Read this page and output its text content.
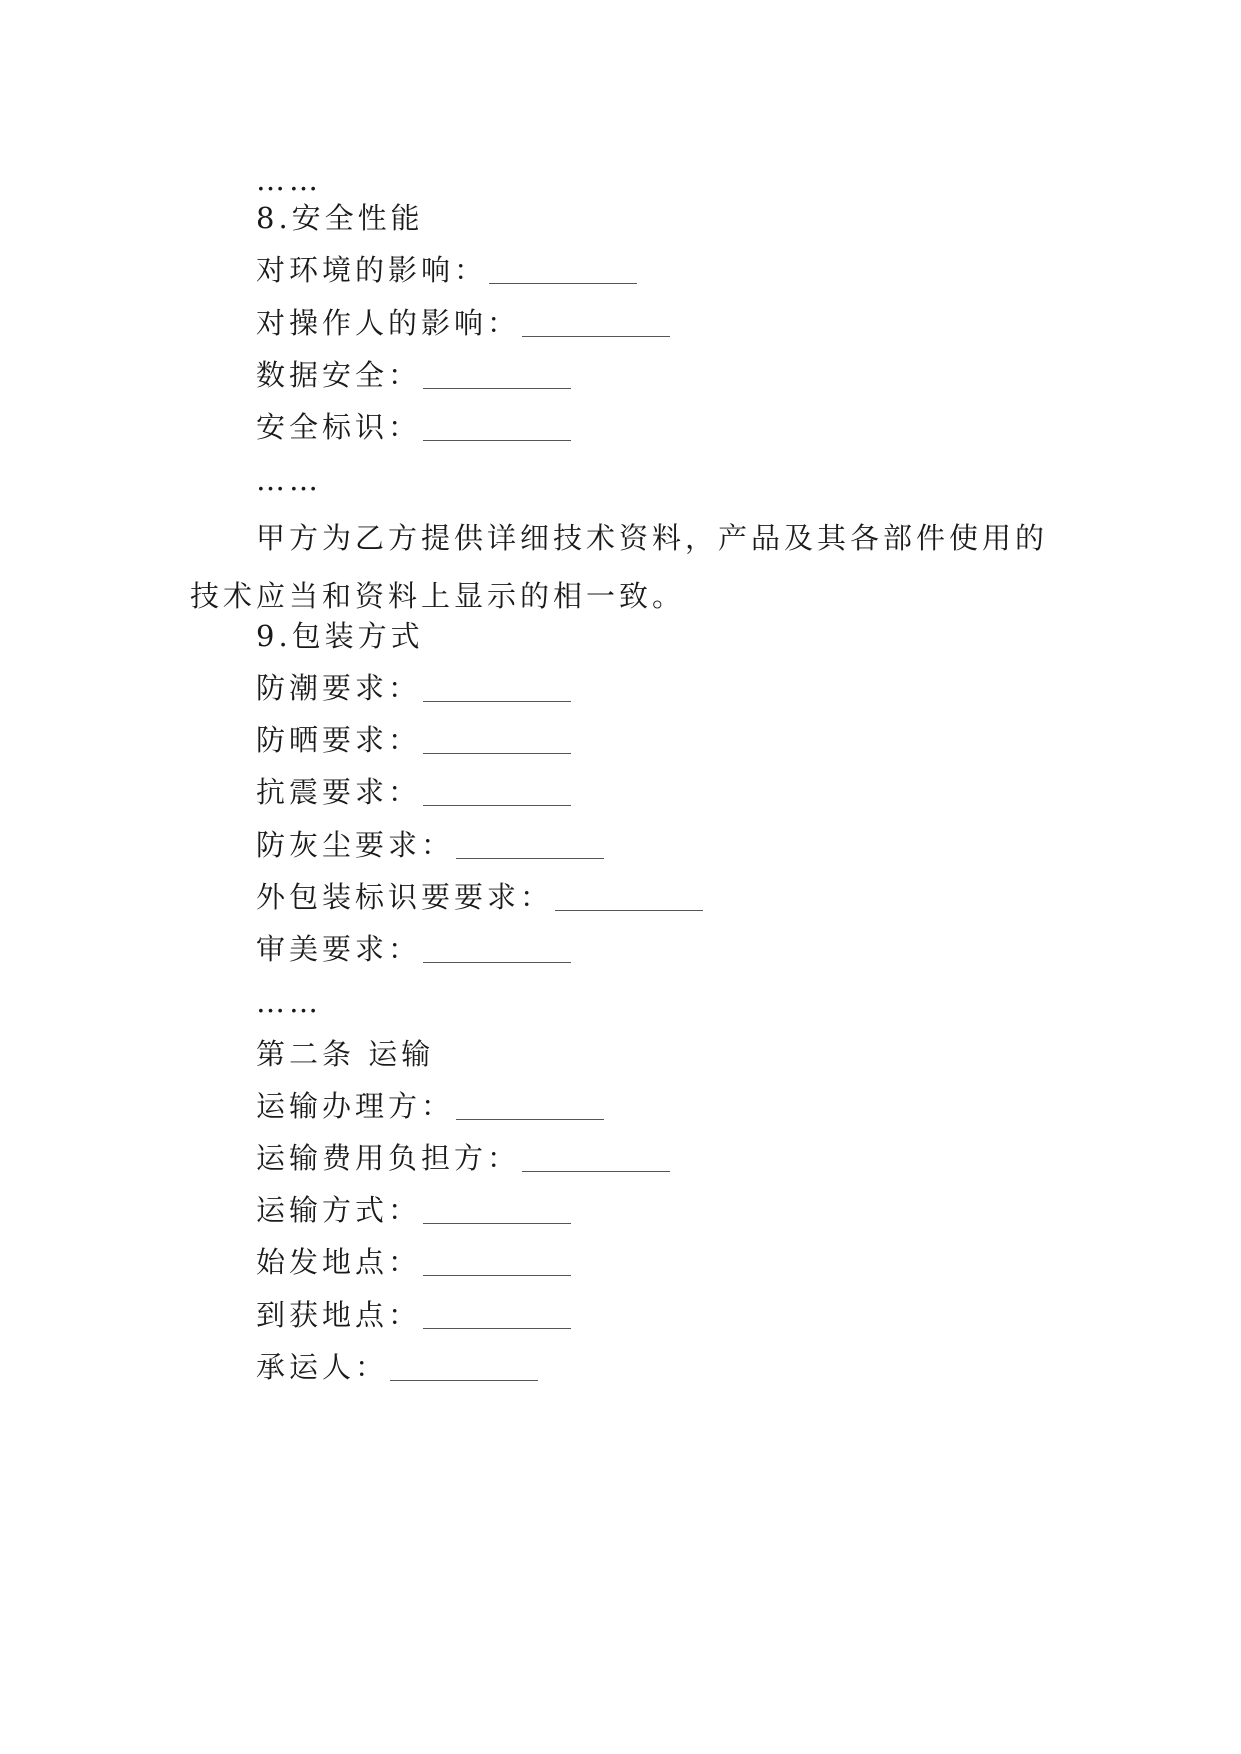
……
8.安全性能
对环境的影响：
对操作人的影响：
数据安全：
安全标识：
……
甲方为乙方提供详细技术资料，产品及其各部件使用的技术应当和资料上显示的相一致。
9.包装方式
防潮要求：
防晒要求：
抗震要求：
防灰尘要求：
外包装标识要要求：
审美要求：
……
第二条 运输
运输办理方：
运输费用负担方：
运输方式：
始发地点：
到获地点：
承运人：
